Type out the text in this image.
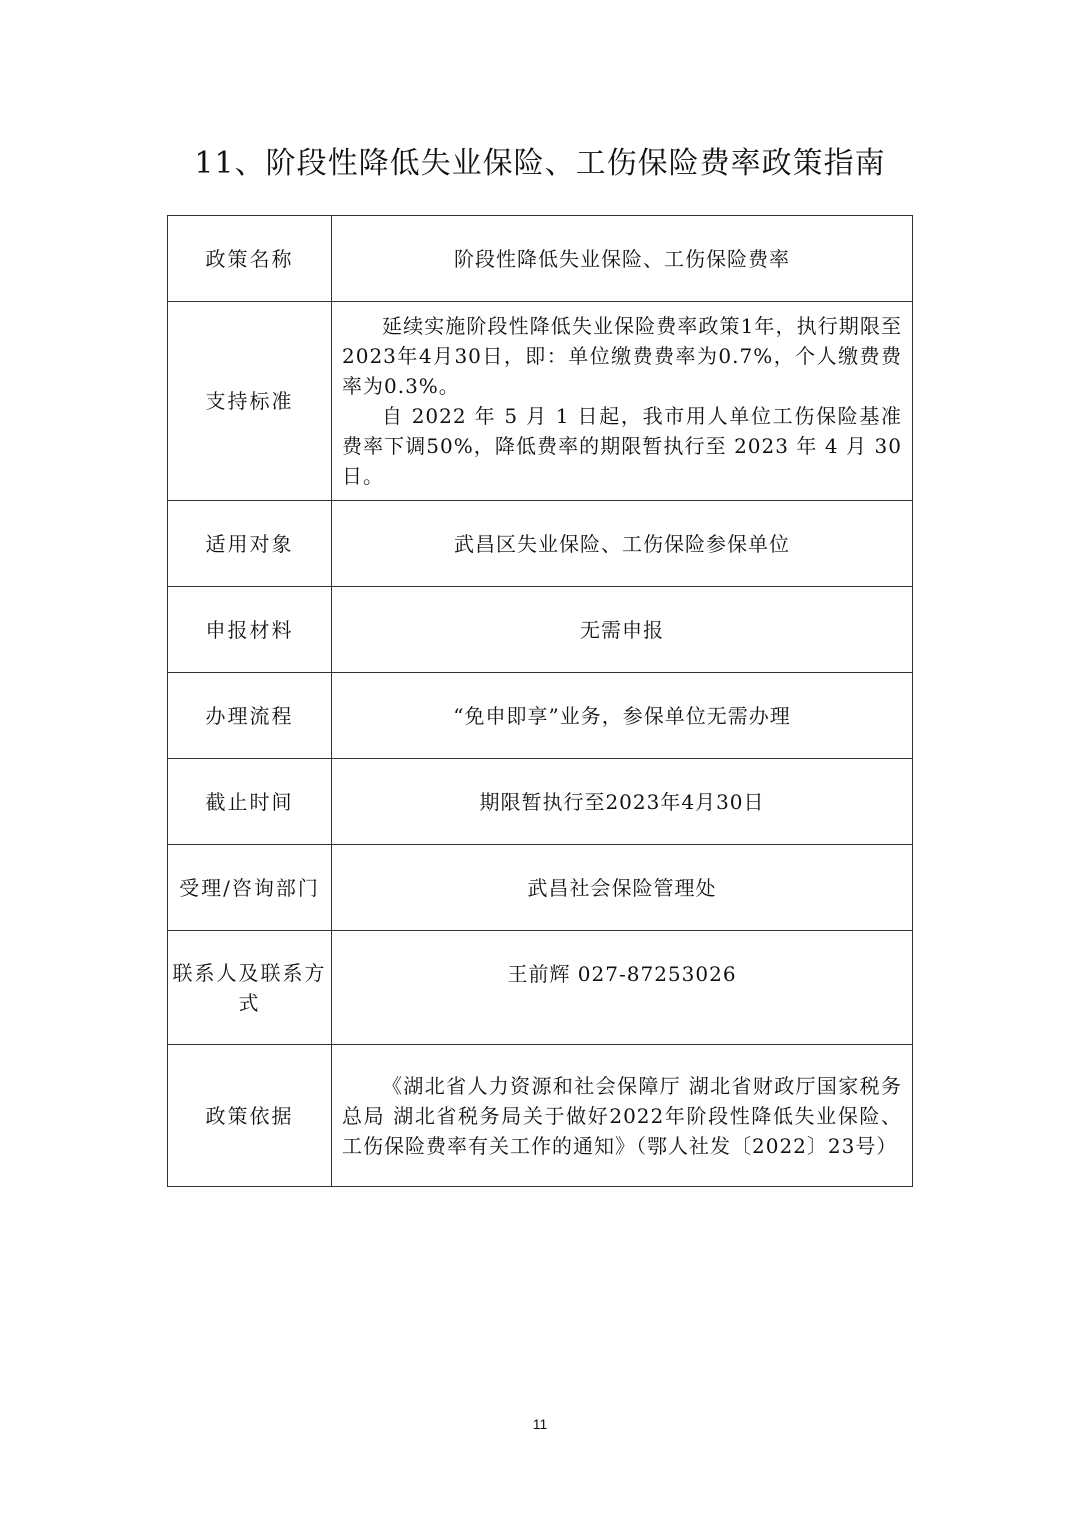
11、阶段性降低失业保险、工伤保险费率政策指南
政策名称	阶段性降低失业保险、工伤保险费率
支持标准	延续实施阶段性降低失业保险费率政策1年，执行期限至2023年4月30日，即：单位缴费费率为0.7%，个人缴费费率为0.3%。
自 2022 年 5 月 1 日起，我市用人单位工伤保险基准费率下调50%，降低费率的期限暂执行至 2023 年 4 月 30 日。

适用对象	武昌区失业保险、工伤保险参保单位
申报材料	无需申报
办理流程	“免申即享”业务，参保单位无需办理
截止时间	期限暂执行至2023年4月30日
受理/咨询部门	武昌社会保险管理处
联系人及联系方式	王前辉 027-87253026
政策依据	《湖北省人力资源和社会保障厅 湖北省财政厅国家税务总局 湖北省税务局关于做好2022年阶段性降低失业保险、工伤保险费率有关工作的通知》（鄂人社发〔2022〕23号）
11
